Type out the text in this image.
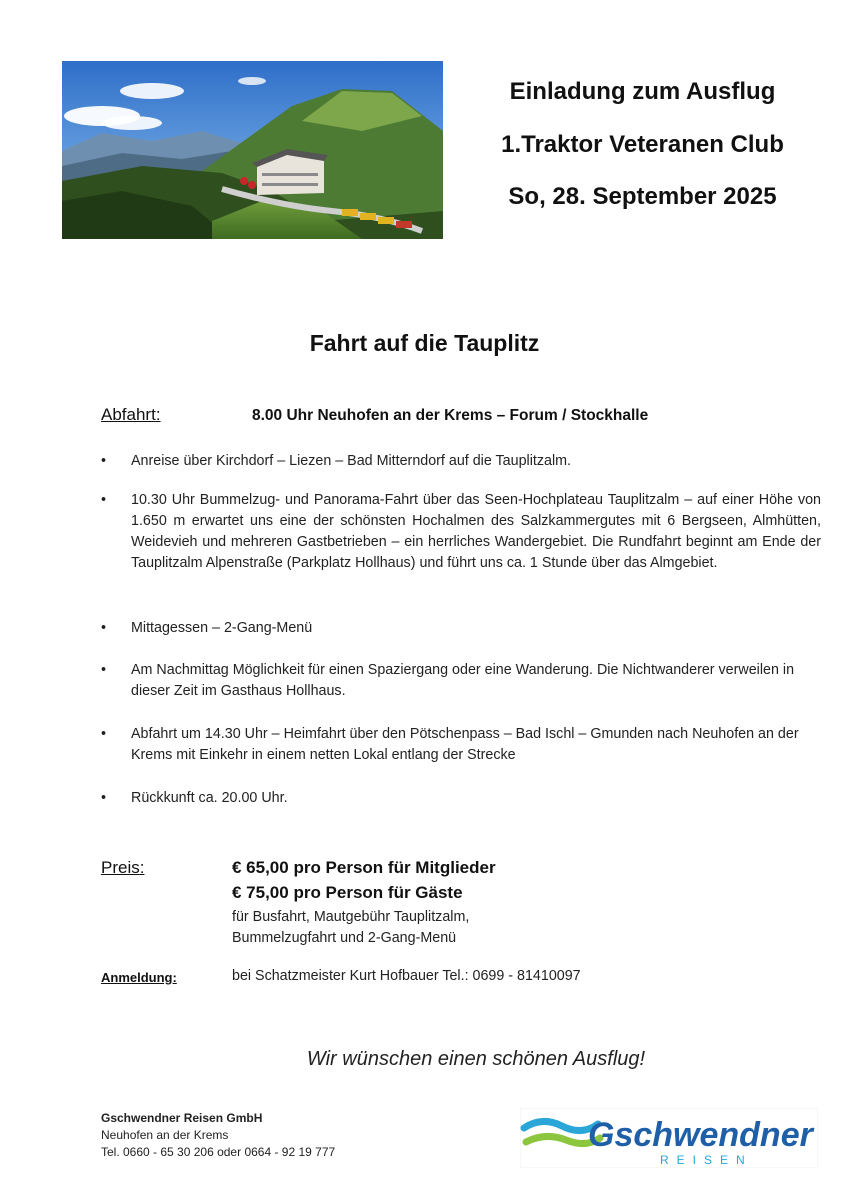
Einladung zum Ausflug
1.Traktor Veteranen Club
So, 28. September 2025
Fahrt auf die Tauplitz
Abfahrt:	8.00 Uhr Neuhofen an der Krems – Forum / Stockhalle
• Anreise über Kirchdorf – Liezen – Bad Mitterndorf auf die Tauplitzalm.
• 10.30 Uhr Bummelzug- und Panorama-Fahrt über das Seen-Hochplateau Tauplitzalm – auf einer Höhe von 1.650 m erwartet uns eine der schönsten Hochalmen des Salzkammergutes mit 6 Bergseen, Almhütten, Weidevieh und mehreren Gastbetrieben – ein herrliches Wandergebiet. Die Rundfahrt beginnt am Ende der Tauplitzalm Alpenstraße (Parkplatz Hollhaus) und führt uns ca. 1 Stunde über das Almgebiet.
• Mittagessen – 2-Gang-Menü
• Am Nachmittag Möglichkeit für einen Spaziergang oder eine Wanderung. Die Nichtwanderer verweilen in dieser Zeit im Gasthaus Hollhaus.
• Abfahrt um 14.30 Uhr – Heimfahrt über den Pötschenpass – Bad Ischl – Gmunden nach Neuhofen an der Krems mit Einkehr in einem netten Lokal entlang der Strecke
• Rückkunft ca. 20.00 Uhr.
Preis:	€ 65,00 pro Person für Mitglieder
€ 75,00 pro Person für Gäste
für Busfahrt, Mautgebühr Tauplitzalm, Bummelzugfahrt und 2-Gang-Menü
Anmeldung:	bei Schatzmeister Kurt Hofbauer Tel.: 0699 - 81410097
Wir wünschen einen schönen Ausflug!
Gschwendner Reisen GmbH
Neuhofen an der Krems
Tel. 0660 - 65 30 206 oder 0664 - 92 19 777	Gschwendner
REISEN
